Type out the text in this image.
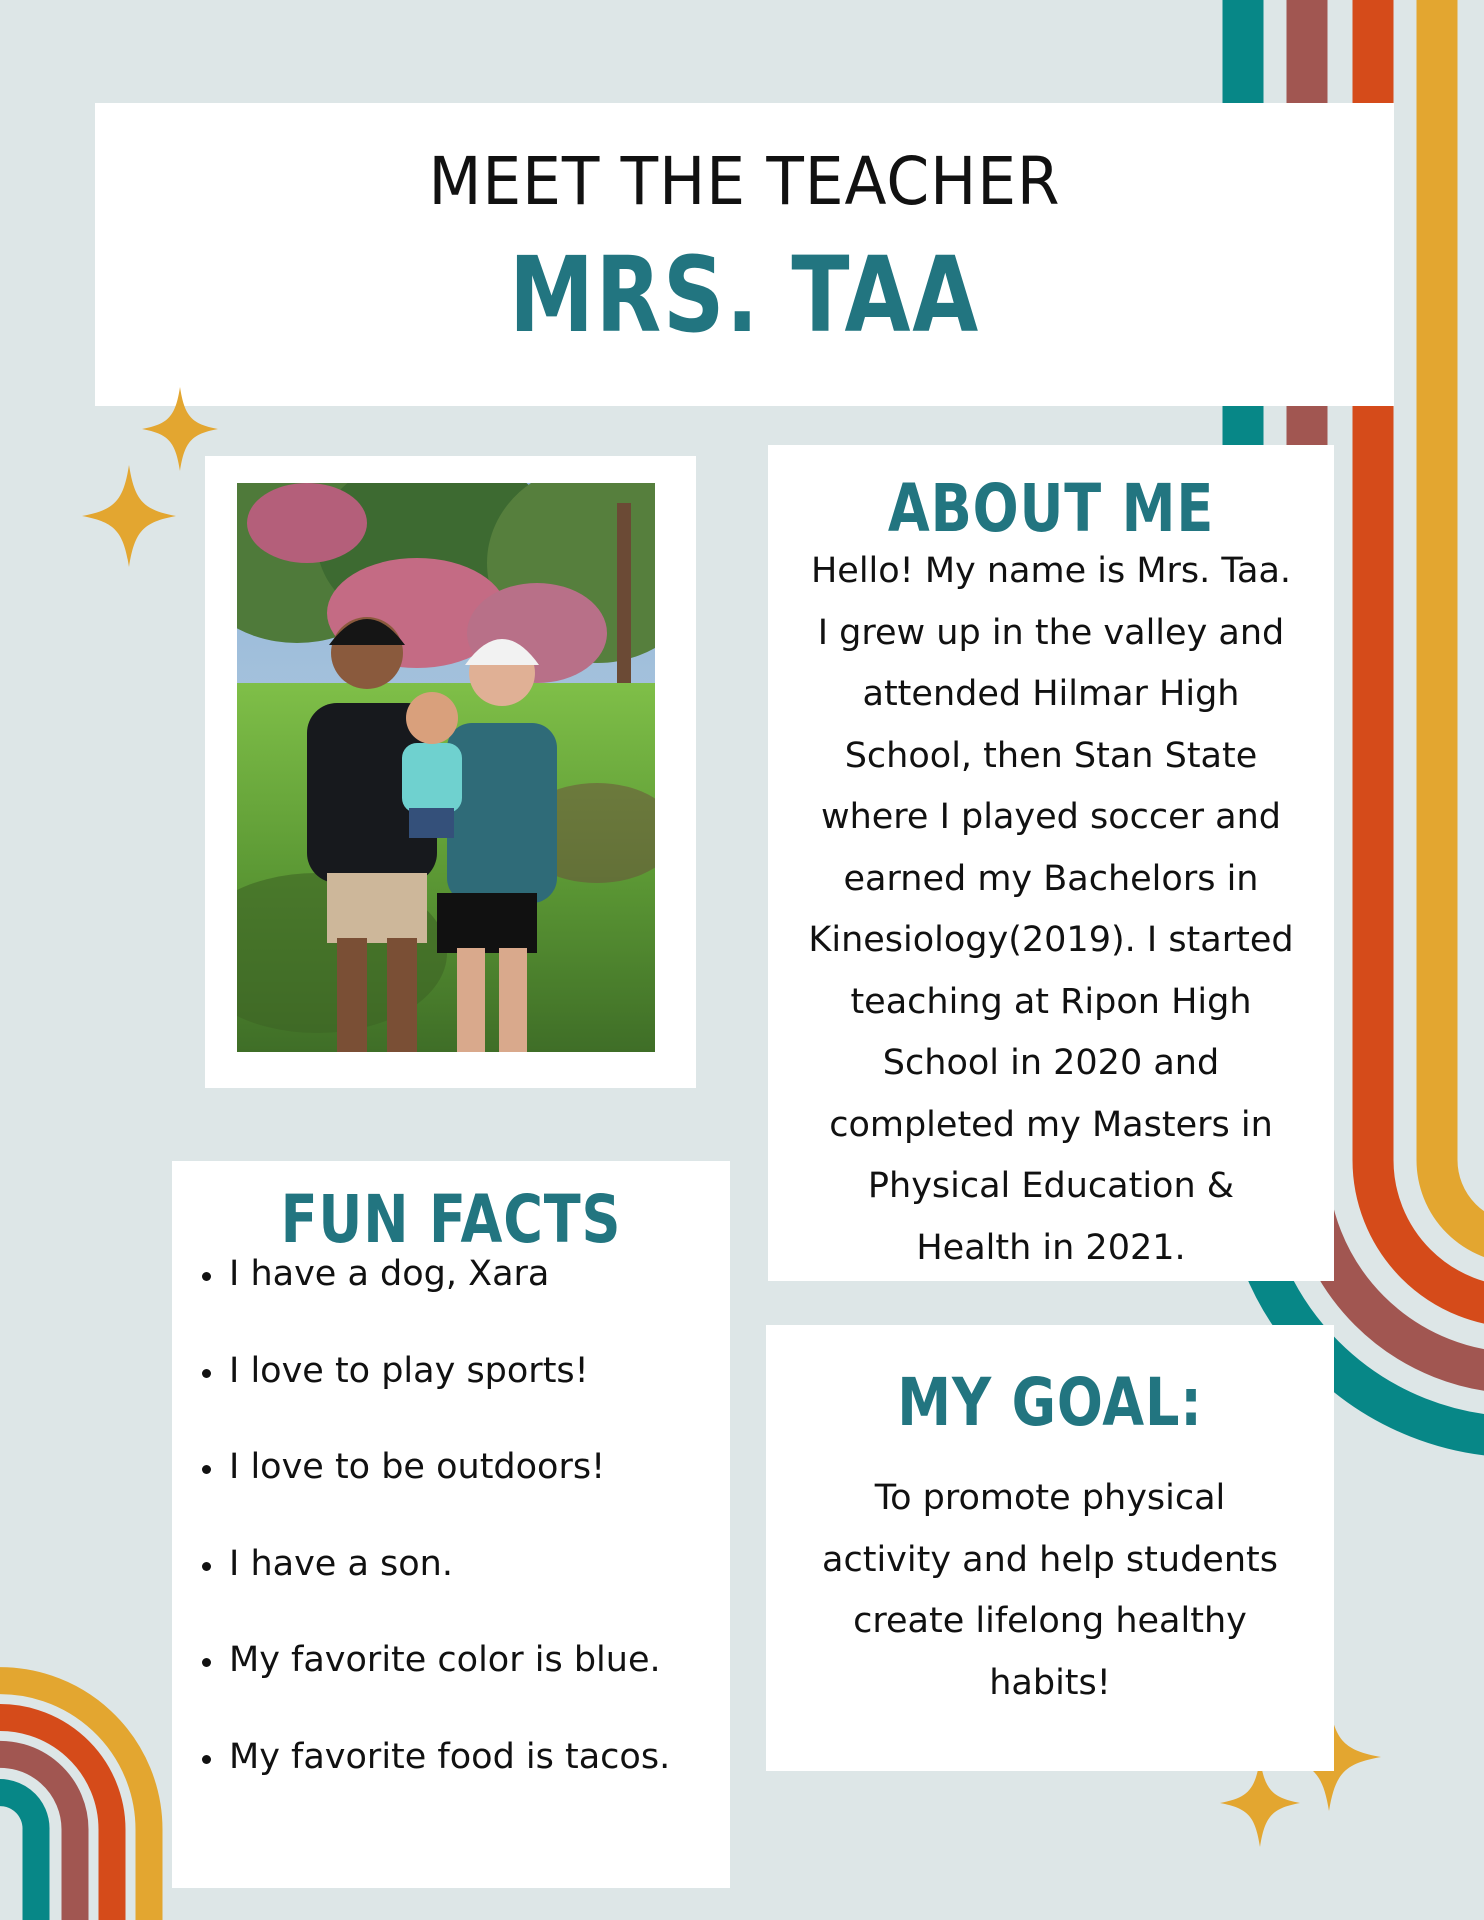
MEET THE TEACHER
MRS. TAA
ABOUT ME
Hello! My name is Mrs. Taa.
I grew up in the valley and
attended Hilmar High
School, then Stan State
where I played soccer and
earned my Bachelors in
Kinesiology(2019). I started
teaching at Ripon High
School in 2020 and
completed my Masters in
Physical Education &
Health in 2021.
FUN FACTS
I have a dog, Xara
I love to play sports!
I love to be outdoors!
I have a son.
My favorite color is blue.
My favorite food is tacos.
MY GOAL:
To promote physical
activity and help students
create lifelong healthy
habits!
